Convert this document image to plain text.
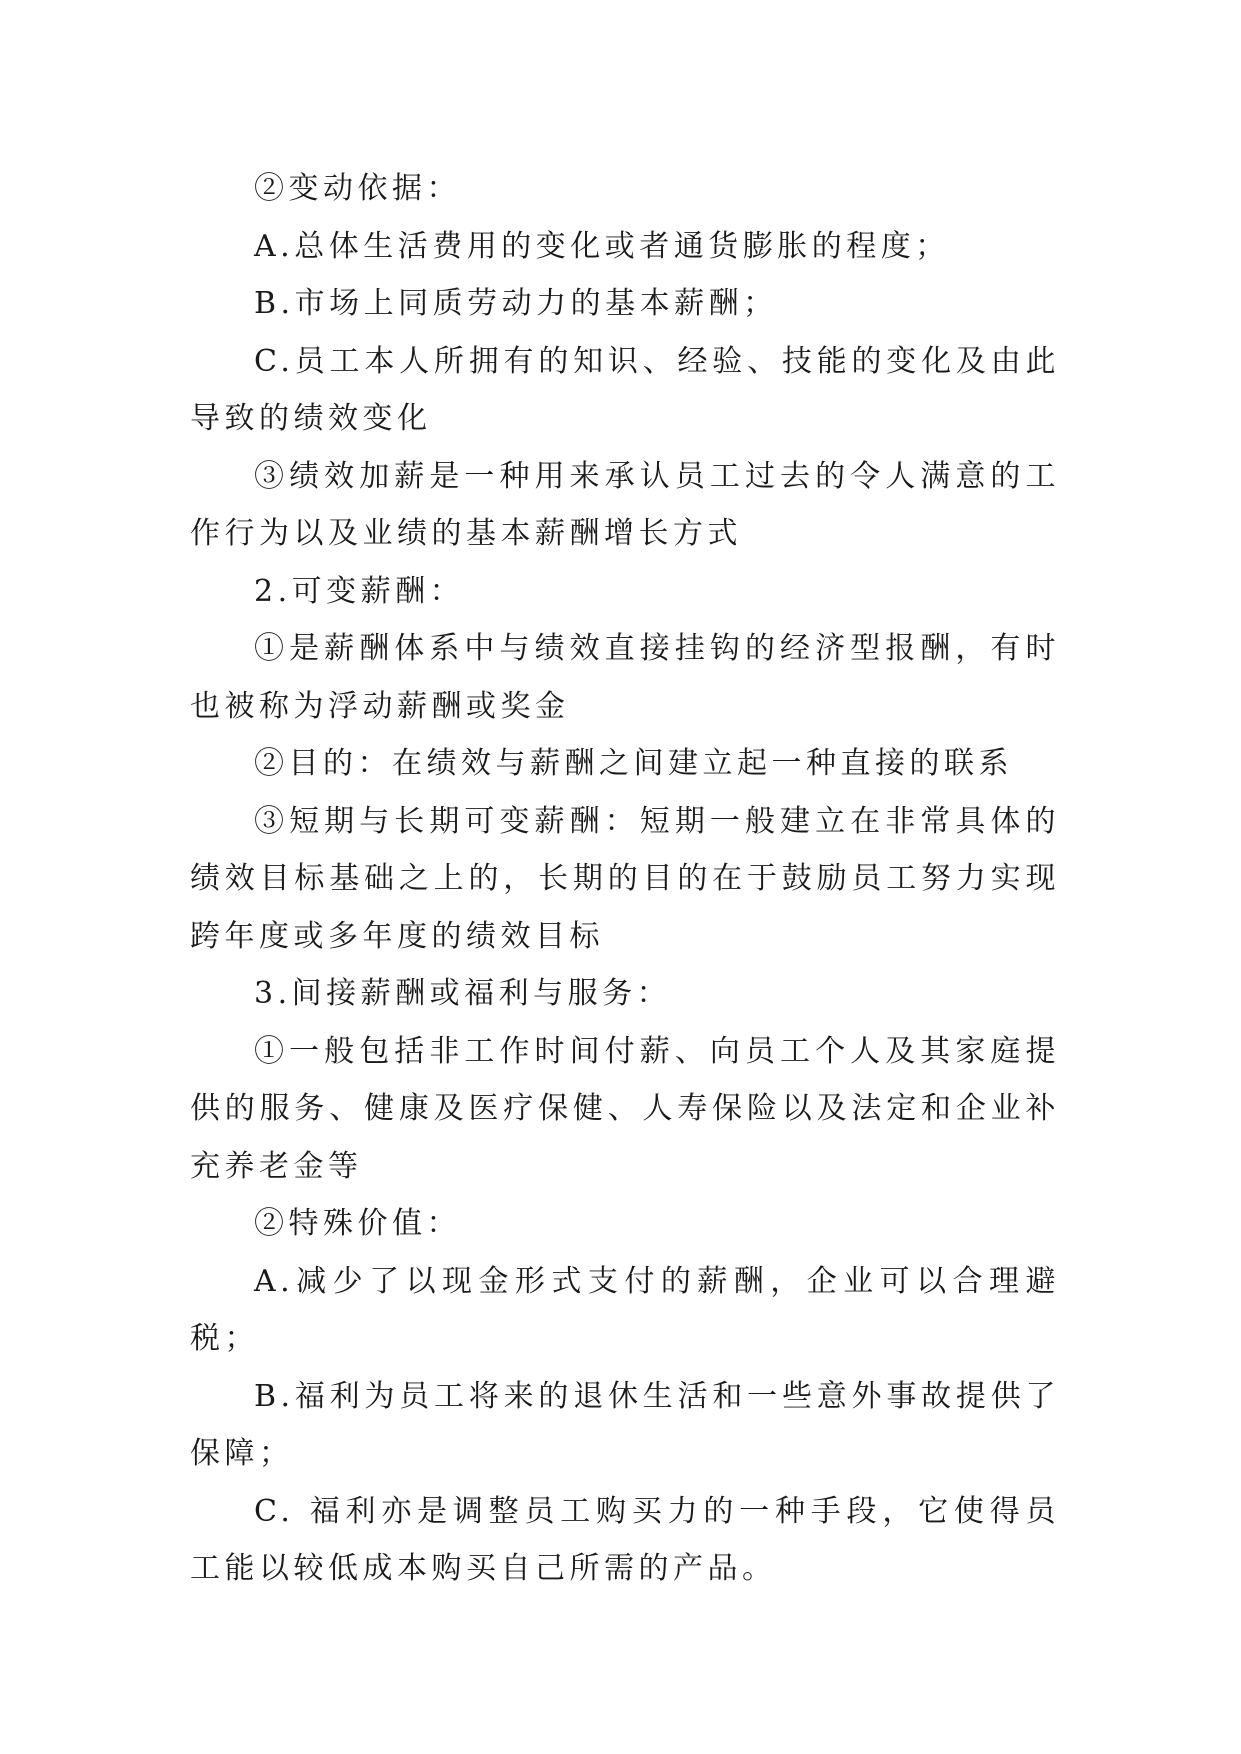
②变动依据：

A.总体生活费用的变化或者通货膨胀的程度；

B.市场上同质劳动力的基本薪酬；

C.员工本人所拥有的知识、经验、技能的变化及由此导致的绩效变化

③绩效加薪是一种用来承认员工过去的令人满意的工作行为以及业绩的基本薪酬增长方式

2.可变薪酬：

①是薪酬体系中与绩效直接挂钩的经济型报酬，有时也被称为浮动薪酬或奖金

②目的：在绩效与薪酬之间建立起一种直接的联系

③短期与长期可变薪酬：短期一般建立在非常具体的绩效目标基础之上的，长期的目的在于鼓励员工努力实现跨年度或多年度的绩效目标

3.间接薪酬或福利与服务：

①一般包括非工作时间付薪、向员工个人及其家庭提供的服务、健康及医疗保健、人寿保险以及法定和企业补充养老金等

②特殊价值：

A.减少了以现金形式支付的薪酬，企业可以合理避税；

B.福利为员工将来的退休生活和一些意外事故提供了保障；

C. 福利亦是调整员工购买力的一种手段，它使得员工能以较低成本购买自己所需的产品。
